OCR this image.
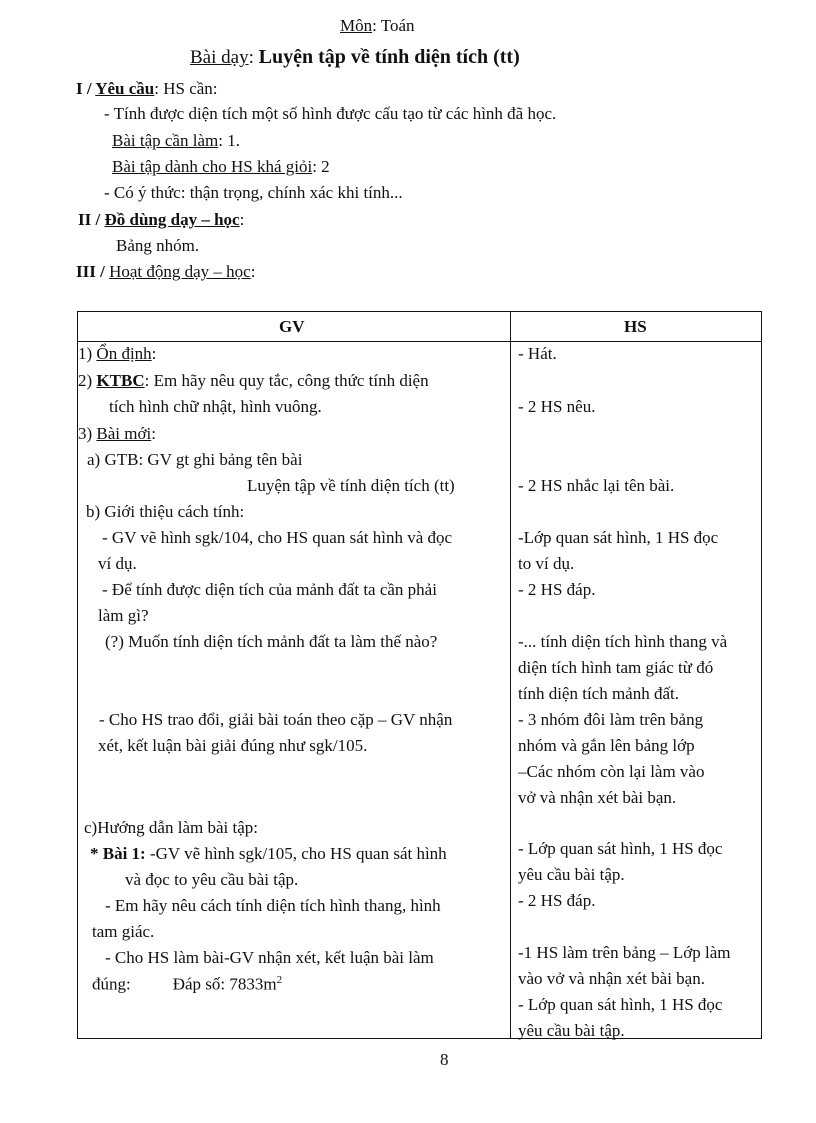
Môn: Toán
Bài dạy: Luyện tập về tính diện tích (tt)
I / Yêu cầu: HS cần:
- Tính được diện tích một số hình được cấu tạo từ các hình đã học.
Bài tập cần làm: 1.
Bài tập dành cho HS khá giỏi: 2
- Có ý thức: thận trọng, chính xác khi tính...
II / Đồ dùng dạy – học:
Bảng nhóm.
III / Hoạt động dạy – học:
GV	HS
1) Ổn định:
2) KTBC: Em hãy nêu quy tắc, công thức tính diện
tích hình chữ nhật, hình vuông.
3) Bài mới:
a) GTB: GV gt ghi bảng tên bài
Luyện tập về tính diện tích (tt)
b) Giới thiệu cách tính:
- GV vẽ hình sgk/104, cho HS quan sát hình và đọc
ví dụ.
- Để tính được diện tích của mảnh đất ta cần phải
làm gì?
(?) Muốn tính diện tích mảnh đất ta làm thế nào?
- Cho HS trao đổi, giải bài toán theo cặp – GV nhận
xét, kết luận bài giải đúng như sgk/105.
c)Hướng dẫn làm bài tập:
* Bài 1: -GV vẽ hình sgk/105, cho HS quan sát hình
và đọc to yêu cầu bài tập.
- Em hãy nêu cách tính diện tích hình thang, hình
tam giác.
- Cho HS làm bài-GV nhận xét, kết luận bài làm
đúng: Đáp số: $7833m^2$
- Hát.
- 2 HS nêu.
- 2 HS nhắc lại tên bài.
-Lớp quan sát hình, 1 HS đọc
to ví dụ.
- 2 HS đáp.
-... tính diện tích hình thang và
diện tích hình tam giác từ đó
tính diện tích mảnh đất.
- 3 nhóm đôi làm trên bảng
nhóm và gắn lên bảng lớp
–Các nhóm còn lại làm vào
vở và nhận xét bài bạn.
- Lớp quan sát hình, 1 HS đọc
yêu cầu bài tập.
- 2 HS đáp.
-1 HS làm trên bảng – Lớp làm
vào vở và nhận xét bài bạn.
- Lớp quan sát hình, 1 HS đọc
yêu cầu bài tập.
8
